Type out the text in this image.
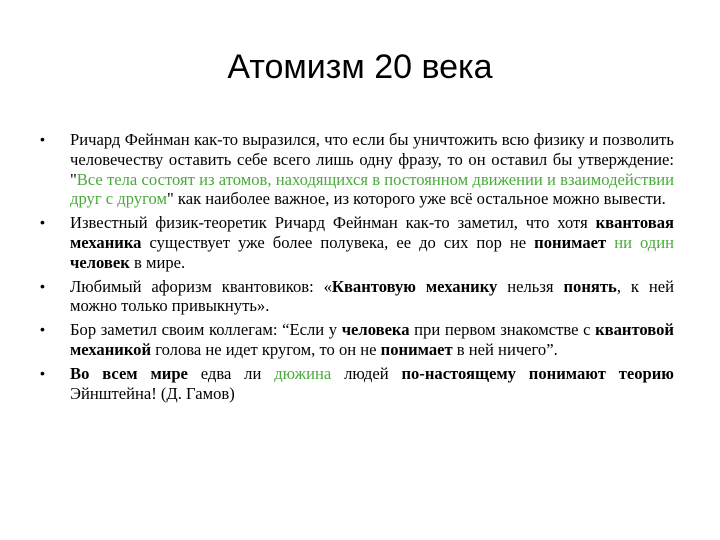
Атомизм 20 века
• Ричард Фейнман как-то выразился, что если бы уничтожить всю физику и позволить человечеству оставить себе всего лишь одну фразу, то он оставил бы утверждение: "Все тела состоят из атомов, находящихся в постоянном движении и взаимодействии друг с другом" как наиболее важное, из которого уже всё остальное можно вывести.
• Известный физик-теоретик Ричард Фейнман как-то заметил, что хотя квантовая механика существует уже более полувека, ее до сих пор не понимает ни один человек в мире.
• Любимый афоризм квантовиков: «Квантовую механику нельзя понять, к ней можно только привыкнуть».
• Бор заметил своим коллегам: “Если у человека при первом знакомстве с квантовой механикой голова не идет кругом, то он не понимает в ней ничего”.
• Во всем мире едва ли дюжина людей по-настоящему понимают теорию Эйнштейна! (Д. Гамов)
